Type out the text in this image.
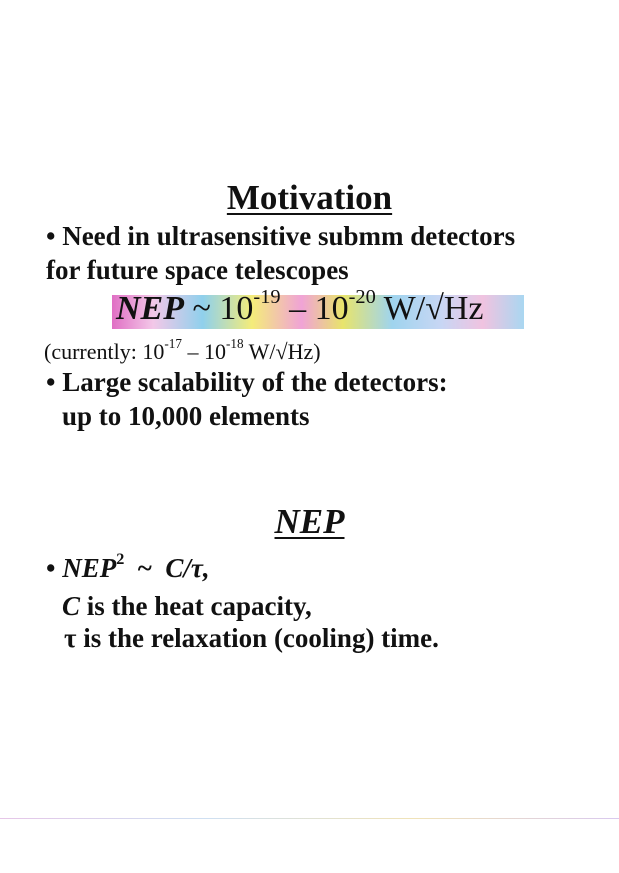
Motivation
• Need in ultrasensitive submm detectors
for future space telescopes
NEP ~ $10^{-19} - 10^{-20}$ W/√Hz
(currently: $10^{-17} - 10^{-18}$ W/√Hz)
• Large scalability of the detectors:
up to 10,000 elements
NEP
• NEP$^2$ ~ C/τ,
C is the heat capacity,
τ is the relaxation (cooling) time.
